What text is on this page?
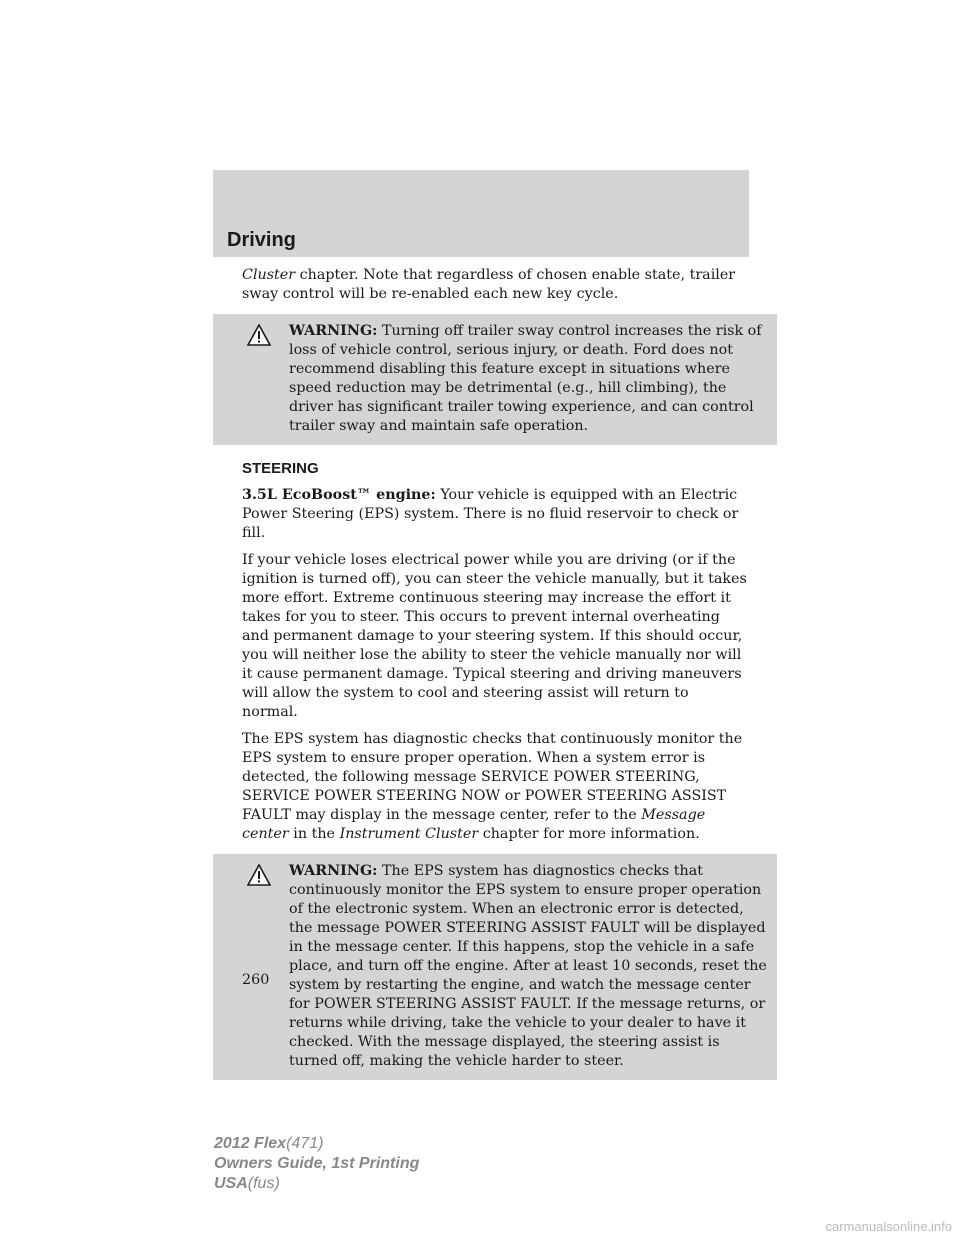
Driving

Cluster chapter. Note that regardless of chosen enable state, trailer sway control will be re-enabled each new key cycle.

WARNING: Turning off trailer sway control increases the risk of loss of vehicle control, serious injury, or death. Ford does not recommend disabling this feature except in situations where speed reduction may be detrimental (e.g., hill climbing), the driver has significant trailer towing experience, and can control trailer sway and maintain safe operation.
STEERING

3.5L EcoBoost™ engine: Your vehicle is equipped with an Electric Power Steering (EPS) system. There is no fluid reservoir to check or fill.

If your vehicle loses electrical power while you are driving (or if the ignition is turned off), you can steer the vehicle manually, but it takes more effort. Extreme continuous steering may increase the effort it takes for you to steer. This occurs to prevent internal overheating and permanent damage to your steering system. If this should occur, you will neither lose the ability to steer the vehicle manually nor will it cause permanent damage. Typical steering and driving maneuvers will allow the system to cool and steering assist will return to normal.

The EPS system has diagnostic checks that continuously monitor the EPS system to ensure proper operation. When a system error is detected, the following message SERVICE POWER STEERING, SERVICE POWER STEERING NOW or POWER STEERING ASSIST FAULT may display in the message center, refer to the Message center in the Instrument Cluster chapter for more information.

WARNING: The EPS system has diagnostics checks that continuously monitor the EPS system to ensure proper operation of the electronic system. When an electronic error is detected, the message POWER STEERING ASSIST FAULT will be displayed in the message center. If this happens, stop the vehicle in a safe place, and turn off the engine. After at least 10 seconds, reset the system by restarting the engine, and watch the message center for POWER STEERING ASSIST FAULT. If the message returns, or returns while driving, take the vehicle to your dealer to have it checked. With the message displayed, the steering assist is turned off, making the vehicle harder to steer.
260
2012 Flex(471)
Owners Guide, 1st Printing
USA(fus)
carmanualsonline.info
